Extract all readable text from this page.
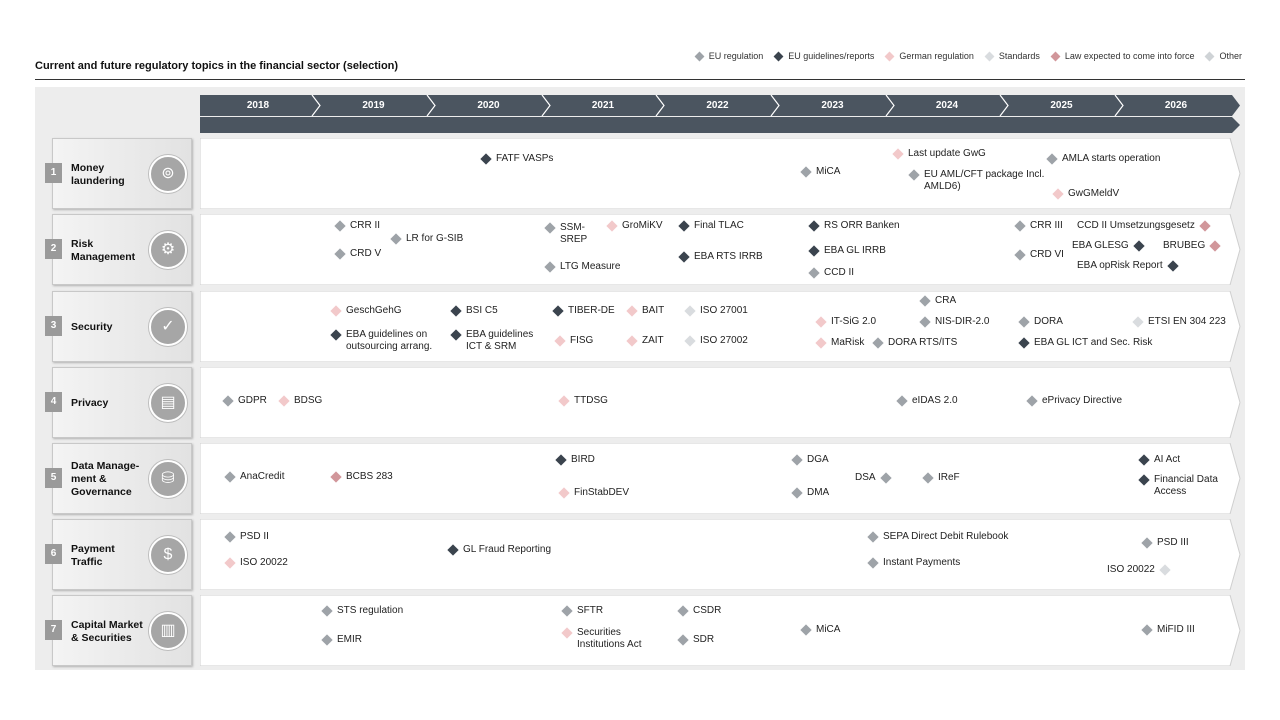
Current and future regulatory topics in the financial sector (selection)
EU regulation	EU guidelines/reports	German regulation	Standards	Law expected to come into force	Other
2018	2019	2020	2021	2022	2023	2024	2025	2026
1	Money laundering	⊚
FATF VASPs
MiCA
Last update GwG
EU AML/CFT package Incl. AMLD6)
AMLA starts operation
GwGMeldV
2	Risk Management	⚙
CRR II
CRD V
LR for G-SIB
SSM-SREP
LTG Measure
GroMiKV	Final TLAC
EBA RTS IRRB
RS ORR Banken
EBA GL IRRB
CCD II
CRR III
CRD VI
CCD II Umsetzungsgesetz
EBA GLESG	BRUBEG
EBA opRisk Report
3	Security	✓
GeschGehG
EBA guidelines on outsourcing arrang.
BSI C5
EBA guidelines ICT & SRM
TIBER-DE
FISG
BAIT
ZAIT
ISO 27001
ISO 27002
IT-SiG 2.0
MaRisk
CRA
NIS-DIR-2.0
DORA RTS/ITS
DORA
EBA GL ICT and Sec. Risk
ETSI EN 304 223
4	Privacy	▤	GDPR	BDSG	TTDSG	eIDAS 2.0	ePrivacy Directive
5
Data Manage-ment & Governance
⛁	AnaCredit	BCBS 283
BIRD
FinStabDEV
DGA
DMA
DSA	IReF
AI Act
Financial Data Access
6	Payment Traffic	$
PSD II
ISO 20022
GL Fraud Reporting
SEPA Direct Debit Rulebook
Instant Payments
PSD III
ISO 20022
7	Capital Market & Securities	▥
STS regulation
EMIR
SFTR
Securities Institutions Act
CSDR
SDR
MiCA	MiFID III
